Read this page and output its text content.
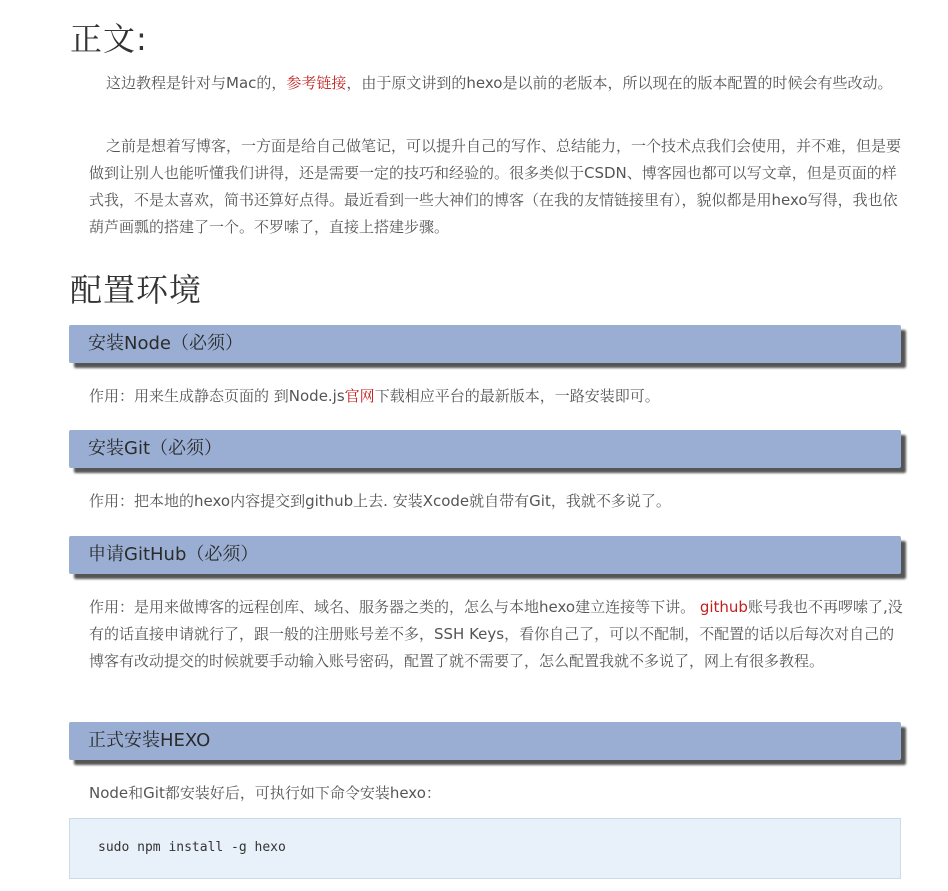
正文:

这边教程是针对与Mac的，参考链接，由于原文讲到的hexo是以前的老版本，所以现在的版本配置的时候会有些改动。

之前是想着写博客，一方面是给自己做笔记，可以提升自己的写作、总结能力，一个技术点我们会使用，并不难，但是要做到让别人也能听懂我们讲得，还是需要一定的技巧和经验的。很多类似于CSDN、博客园也都可以写文章，但是页面的样式我，不是太喜欢，简书还算好点得。最近看到一些大神们的博客（在我的友情链接里有），貌似都是用hexo写得，我也依葫芦画瓢的搭建了一个。不罗嗦了，直接上搭建步骤。

配置环境
安装Node（必须）

作用：用来生成静态页面的 到Node.js官网下载相应平台的最新版本，一路安装即可。

安装Git（必须）

作用：把本地的hexo内容提交到github上去. 安装Xcode就自带有Git，我就不多说了。

申请GitHub（必须）

作用：是用来做博客的远程创库、域名、服务器之类的，怎么与本地hexo建立连接等下讲。 github账号我也不再啰嗦了,没有的话直接申请就行了，跟一般的注册账号差不多，SSH Keys，看你自己了，可以不配制，不配置的话以后每次对自己的博客有改动提交的时候就要手动输入账号密码，配置了就不需要了，怎么配置我就不多说了，网上有很多教程。

正式安装HEXO

Node和Git都安装好后，可执行如下命令安装hexo：

sudo npm install -g hexo
